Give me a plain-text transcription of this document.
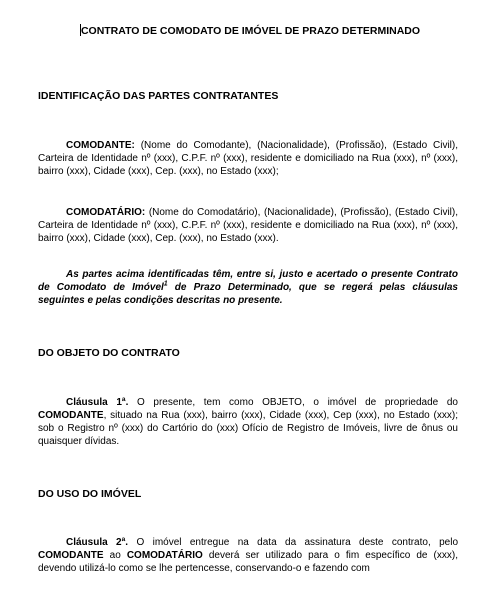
CONTRATO DE COMODATO DE IMÓVEL DE PRAZO DETERMINADO
IDENTIFICAÇÃO DAS PARTES CONTRATANTES

COMODANTE: (Nome do Comodante), (Nacionalidade), (Profissão), (Estado Civil), Carteira de Identidade nº (xxx), C.P.F. nº (xxx), residente e domiciliado na Rua (xxx), nº (xxx), bairro (xxx), Cidade (xxx), Cep. (xxx), no Estado (xxx);

COMODATÁRIO: (Nome do Comodatário), (Nacionalidade), (Profissão), (Estado Civil), Carteira de Identidade nº (xxx), C.P.F. nº (xxx), residente e domiciliado na Rua (xxx), nº (xxx), bairro (xxx), Cidade (xxx), Cep. (xxx), no Estado (xxx).

As partes acima identificadas têm, entre si, justo e acertado o presente Contrato de Comodato de Imóvel$^1$ de Prazo Determinado, que se regerá pelas cláusulas seguintes e pelas condições descritas no presente.

DO OBJETO DO CONTRATO

Cláusula 1ª. O presente, tem como OBJETO, o imóvel de propriedade do COMODANTE, situado na Rua (xxx), bairro (xxx), Cidade (xxx), Cep (xxx), no Estado (xxx); sob o Registro nº (xxx) do Cartório do (xxx) Ofício de Registro de Imóveis, livre de ônus ou quaisquer dívidas.

DO USO DO IMÓVEL

Cláusula 2ª. O imóvel entregue na data da assinatura deste contrato, pelo COMODANTE ao COMODATÁRIO deverá ser utilizado para o fim específico de (xxx), devendo utilizá-lo como se lhe pertencesse, conservando-o e fazendo com
